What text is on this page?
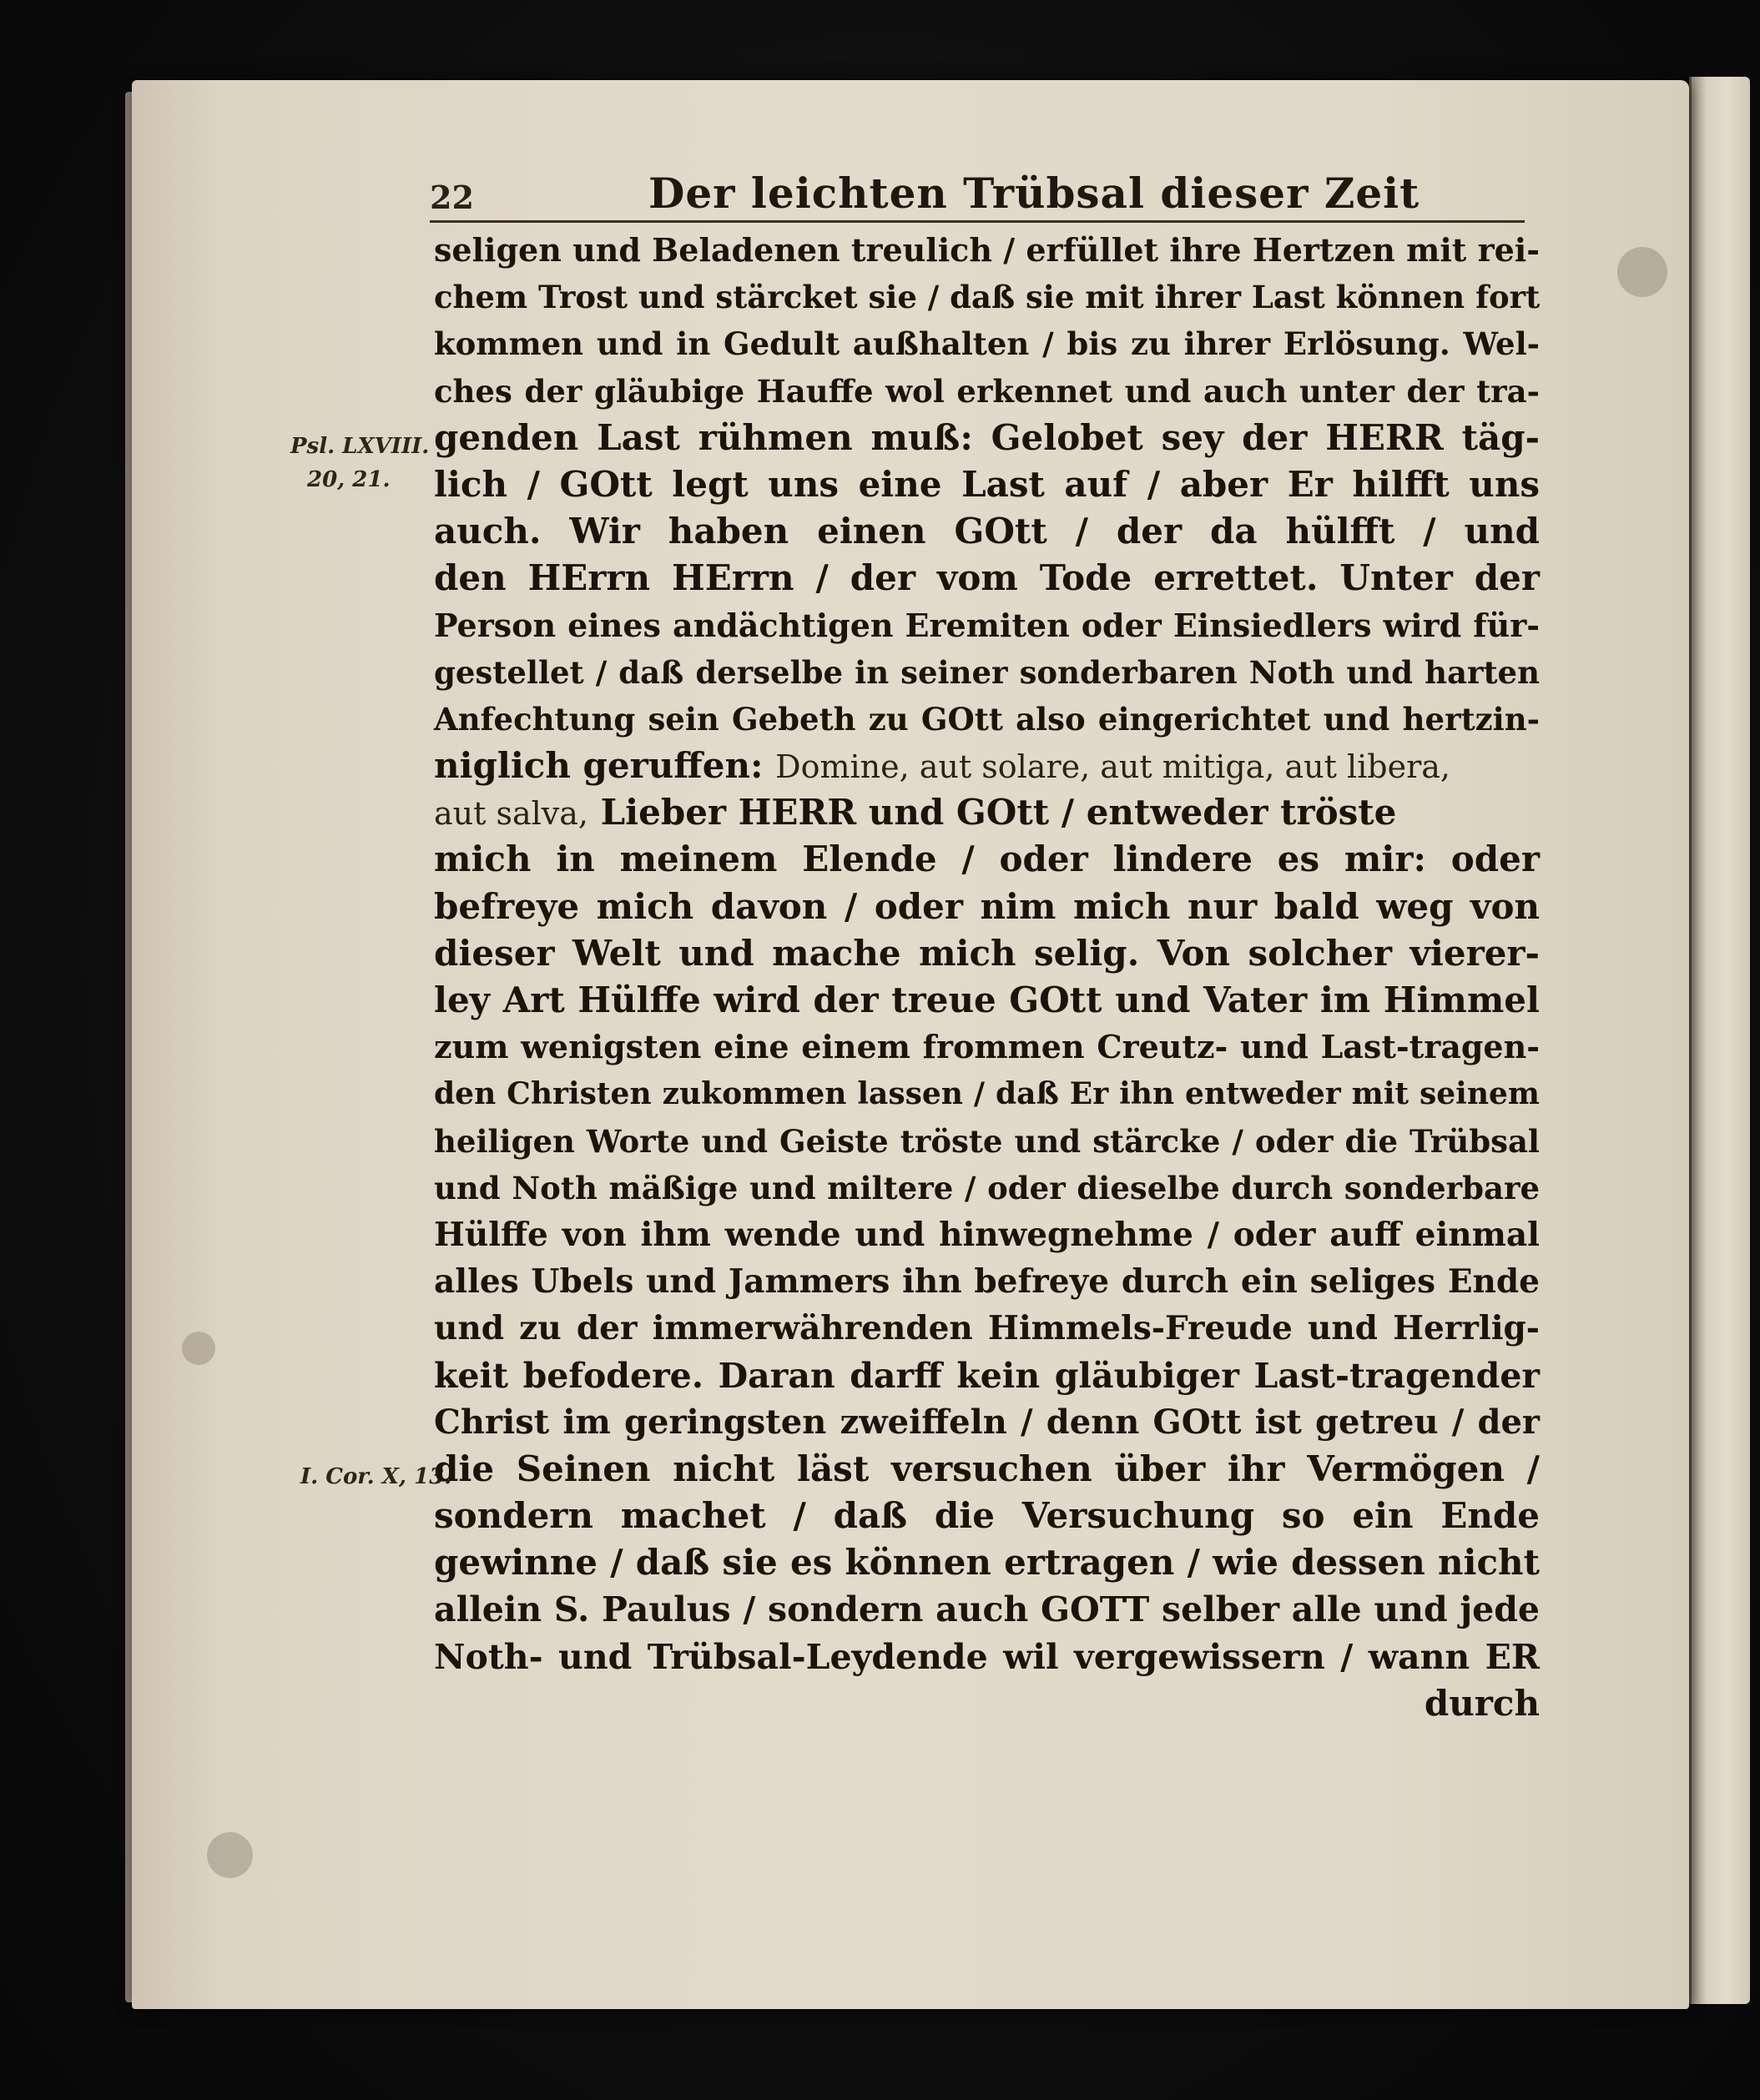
22	Der leichten Trübsal dieser Zeit
Psl. LXVIII.
20, 21.
I. Cor. X, 13.
seligen und Beladenen treulich / erfüllet ihre Hertzen mit rei-
chem Trost und stärcket sie / daß sie mit ihrer Last können fort
kommen und in Gedult außhalten / bis zu ihrer Erlösung. Wel-
ches der gläubige Hauffe wol erkennet und auch unter der tra-
genden Last rühmen muß: Gelobet sey der HERR täg-
lich / GOtt legt uns eine Last auf / aber Er hilfft uns
auch. Wir haben einen GOtt / der da hülfft / und
den HErrn HErrn / der vom Tode errettet. Unter der
Person eines andächtigen Eremiten oder Einsiedlers wird für-
gestellet / daß derselbe in seiner sonderbaren Noth und harten
Anfechtung sein Gebeth zu GOtt also eingerichtet und hertzin-
niglich geruffen: Domine, aut solare, aut mitiga, aut libera,
aut salva, Lieber HERR und GOtt / entweder tröste
mich in meinem Elende / oder lindere es mir: oder
befreye mich davon / oder nim mich nur bald weg von
dieser Welt und mache mich selig. Von solcher vierer-
ley Art Hülffe wird der treue GOtt und Vater im Himmel
zum wenigsten eine einem frommen Creutz- und Last-tragen-
den Christen zukommen lassen / daß Er ihn entweder mit seinem
heiligen Worte und Geiste tröste und stärcke / oder die Trübsal
und Noth mäßige und miltere / oder dieselbe durch sonderbare
Hülffe von ihm wende und hinwegnehme / oder auff einmal
alles Ubels und Jammers ihn befreye durch ein seliges Ende
und zu der immerwährenden Himmels-Freude und Herrlig-
keit befodere. Daran darff kein gläubiger Last-tragender
Christ im geringsten zweiffeln / denn GOtt ist getreu / der
die Seinen nicht läst versuchen über ihr Vermögen /
sondern machet / daß die Versuchung so ein Ende
gewinne / daß sie es können ertragen / wie dessen nicht
allein S. Paulus / sondern auch GOTT selber alle und jede
Noth- und Trübsal-Leydende wil vergewissern / wann ER
durch
